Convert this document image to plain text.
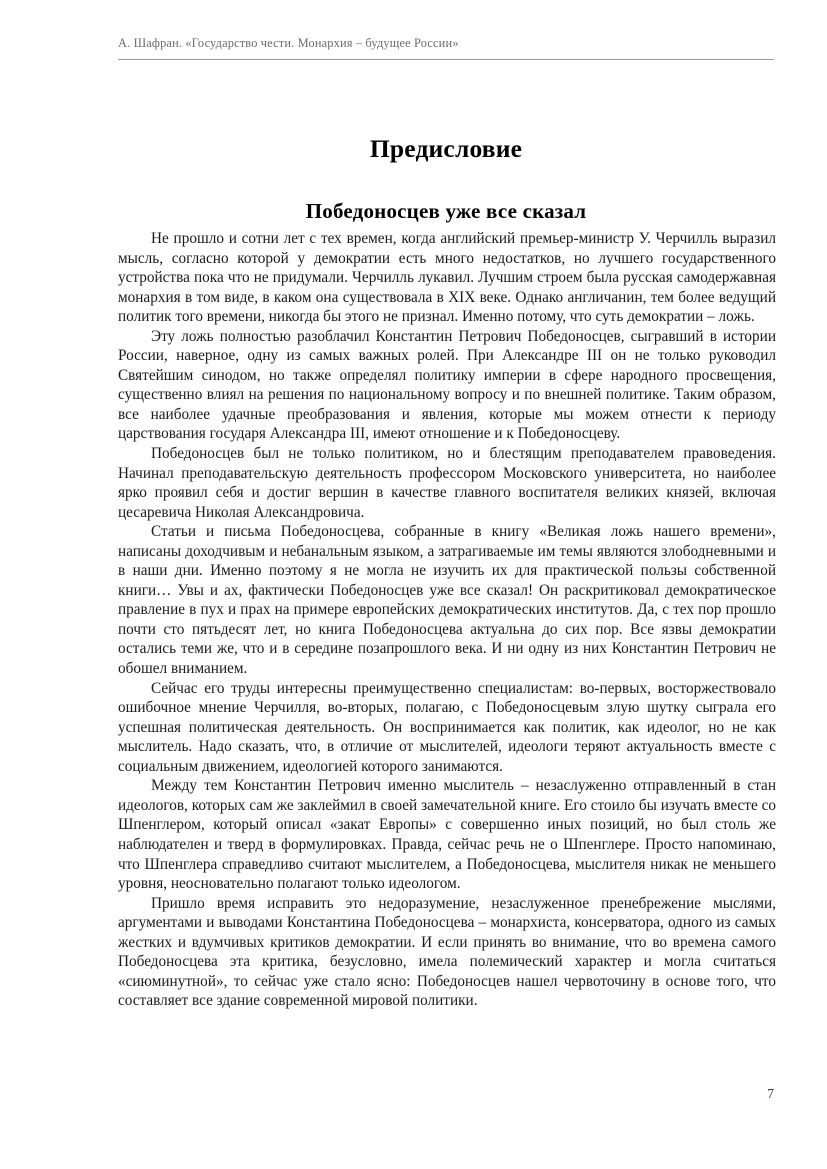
А. Шафран. «Государство чести. Монархия – будущее России»
Предисловие
Победоносцев уже все сказал

Не прошло и сотни лет с тех времен, когда английский премьер-министр У. Черчилль выразил мысль, согласно которой у демократии есть много недостатков, но лучшего государственного устройства пока что не придумали. Черчилль лукавил. Лучшим строем была русская самодержавная монархия в том виде, в каком она существовала в XIX веке. Однако англичанин, тем более ведущий политик того времени, никогда бы этого не признал. Именно потому, что суть демократии – ложь.

Эту ложь полностью разоблачил Константин Петрович Победоносцев, сыгравший в истории России, наверное, одну из самых важных ролей. При Александре III он не только руководил Святейшим синодом, но также определял политику империи в сфере народного просвещения, существенно влиял на решения по национальному вопросу и по внешней политике. Таким образом, все наиболее удачные преобразования и явления, которые мы можем отнести к периоду царствования государя Александра III, имеют отношение и к Победоносцеву.

Победоносцев был не только политиком, но и блестящим преподавателем правоведения. Начинал преподавательскую деятельность профессором Московского университета, но наиболее ярко проявил себя и достиг вершин в качестве главного воспитателя великих князей, включая цесаревича Николая Александровича.

Статьи и письма Победоносцева, собранные в книгу «Великая ложь нашего времени», написаны доходчивым и небанальным языком, а затрагиваемые им темы являются злободневными и в наши дни. Именно поэтому я не могла не изучить их для практической пользы собственной книги… Увы и ах, фактически Победоносцев уже все сказал! Он раскритиковал демократическое правление в пух и прах на примере европейских демократических институтов. Да, с тех пор прошло почти сто пятьдесят лет, но книга Победоносцева актуальна до сих пор. Все язвы демократии остались теми же, что и в середине позапрошлого века. И ни одну из них Константин Петрович не обошел вниманием.

Сейчас его труды интересны преимущественно специалистам: во-первых, восторжествовало ошибочное мнение Черчилля, во-вторых, полагаю, с Победоносцевым злую шутку сыграла его успешная политическая деятельность. Он воспринимается как политик, как идеолог, но не как мыслитель. Надо сказать, что, в отличие от мыслителей, идеологи теряют актуальность вместе с социальным движением, идеологией которого занимаются.

Между тем Константин Петрович именно мыслитель – незаслуженно отправленный в стан идеологов, которых сам же заклеймил в своей замечательной книге. Его стоило бы изучать вместе со Шпенглером, который описал «закат Европы» с совершенно иных позиций, но был столь же наблюдателен и тверд в формулировках. Правда, сейчас речь не о Шпенглере. Просто напоминаю, что Шпенглера справедливо считают мыслителем, а Победоносцева, мыслителя никак не меньшего уровня, неосновательно полагают только идеологом.

Пришло время исправить это недоразумение, незаслуженное пренебрежение мыслями, аргументами и выводами Константина Победоносцева – монархиста, консерватора, одного из самых жестких и вдумчивых критиков демократии. И если принять во внимание, что во времена самого Победоносцева эта критика, безусловно, имела полемический характер и могла считаться «сиюминутной», то сейчас уже стало ясно: Победоносцев нашел червоточину в основе того, что составляет все здание современной мировой политики.

7
